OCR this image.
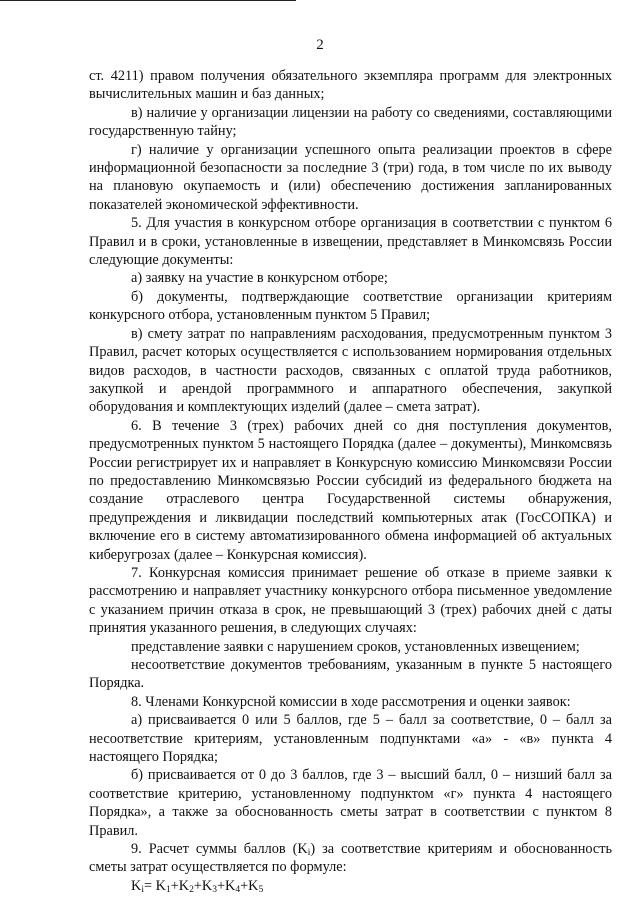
2

ст. 4211) правом получения обязательного экземпляра программ для электронных вычислительных машин и баз данных;

в) наличие у организации лицензии на работу со сведениями, составляющими государственную тайну;

г) наличие у организации успешного опыта реализации проектов в сфере информационной безопасности за последние 3 (три) года, в том числе по их выводу на плановую окупаемость и (или) обеспечению достижения запланированных показателей экономической эффективности.

5. Для участия в конкурсном отборе организация в соответствии с пунктом 6 Правил и в сроки, установленные в извещении, представляет в Минкомсвязь России следующие документы:

а) заявку на участие в конкурсном отборе;

б) документы, подтверждающие соответствие организации критериям конкурсного отбора, установленным пунктом 5 Правил;

в) смету затрат по направлениям расходования, предусмотренным пунктом 3 Правил, расчет которых осуществляется с использованием нормирования отдельных видов расходов, в частности расходов, связанных с оплатой труда работников, закупкой и арендой программного и аппаратного обеспечения, закупкой оборудования и комплектующих изделий (далее – смета затрат).

6. В течение 3 (трех) рабочих дней со дня поступления документов, предусмотренных пунктом 5 настоящего Порядка (далее – документы), Минкомсвязь России регистрирует их и направляет в Конкурсную комиссию Минкомсвязи России по предоставлению Минкомсвязью России субсидий из федерального бюджета на создание отраслевого центра Государственной системы обнаружения, предупреждения и ликвидации последствий компьютерных атак (ГосСОПКА) и включение его в систему автоматизированного обмена информацией об актуальных киберугрозах (далее – Конкурсная комиссия).

7. Конкурсная комиссия принимает решение об отказе в приеме заявки к рассмотрению и направляет участнику конкурсного отбора письменное уведомление с указанием причин отказа в срок, не превышающий 3 (трех) рабочих дней с даты принятия указанного решения, в следующих случаях:

представление заявки с нарушением сроков, установленных извещением;

несоответствие документов требованиям, указанным в пункте 5 настоящего Порядка.

8. Членами Конкурсной комиссии в ходе рассмотрения и оценки заявок:

а) присваивается 0 или 5 баллов, где 5 – балл за соответствие, 0 – балл за несоответствие критериям, установленным подпунктами «а» - «в» пункта 4 настоящего Порядка;

б) присваивается от 0 до 3 баллов, где 3 – высший балл, 0 – низший балл за соответствие критерию, установленному подпунктом «г» пункта 4 настоящего Порядка», а также за обоснованность сметы затрат в соответствии с пунктом 8 Правил.

9. Расчет суммы баллов $(K_i)$ за соответствие критериям и обоснованность сметы затрат осуществляется по формуле:

$K_i= K_1+K_2+K_3+K_4+K_5$
